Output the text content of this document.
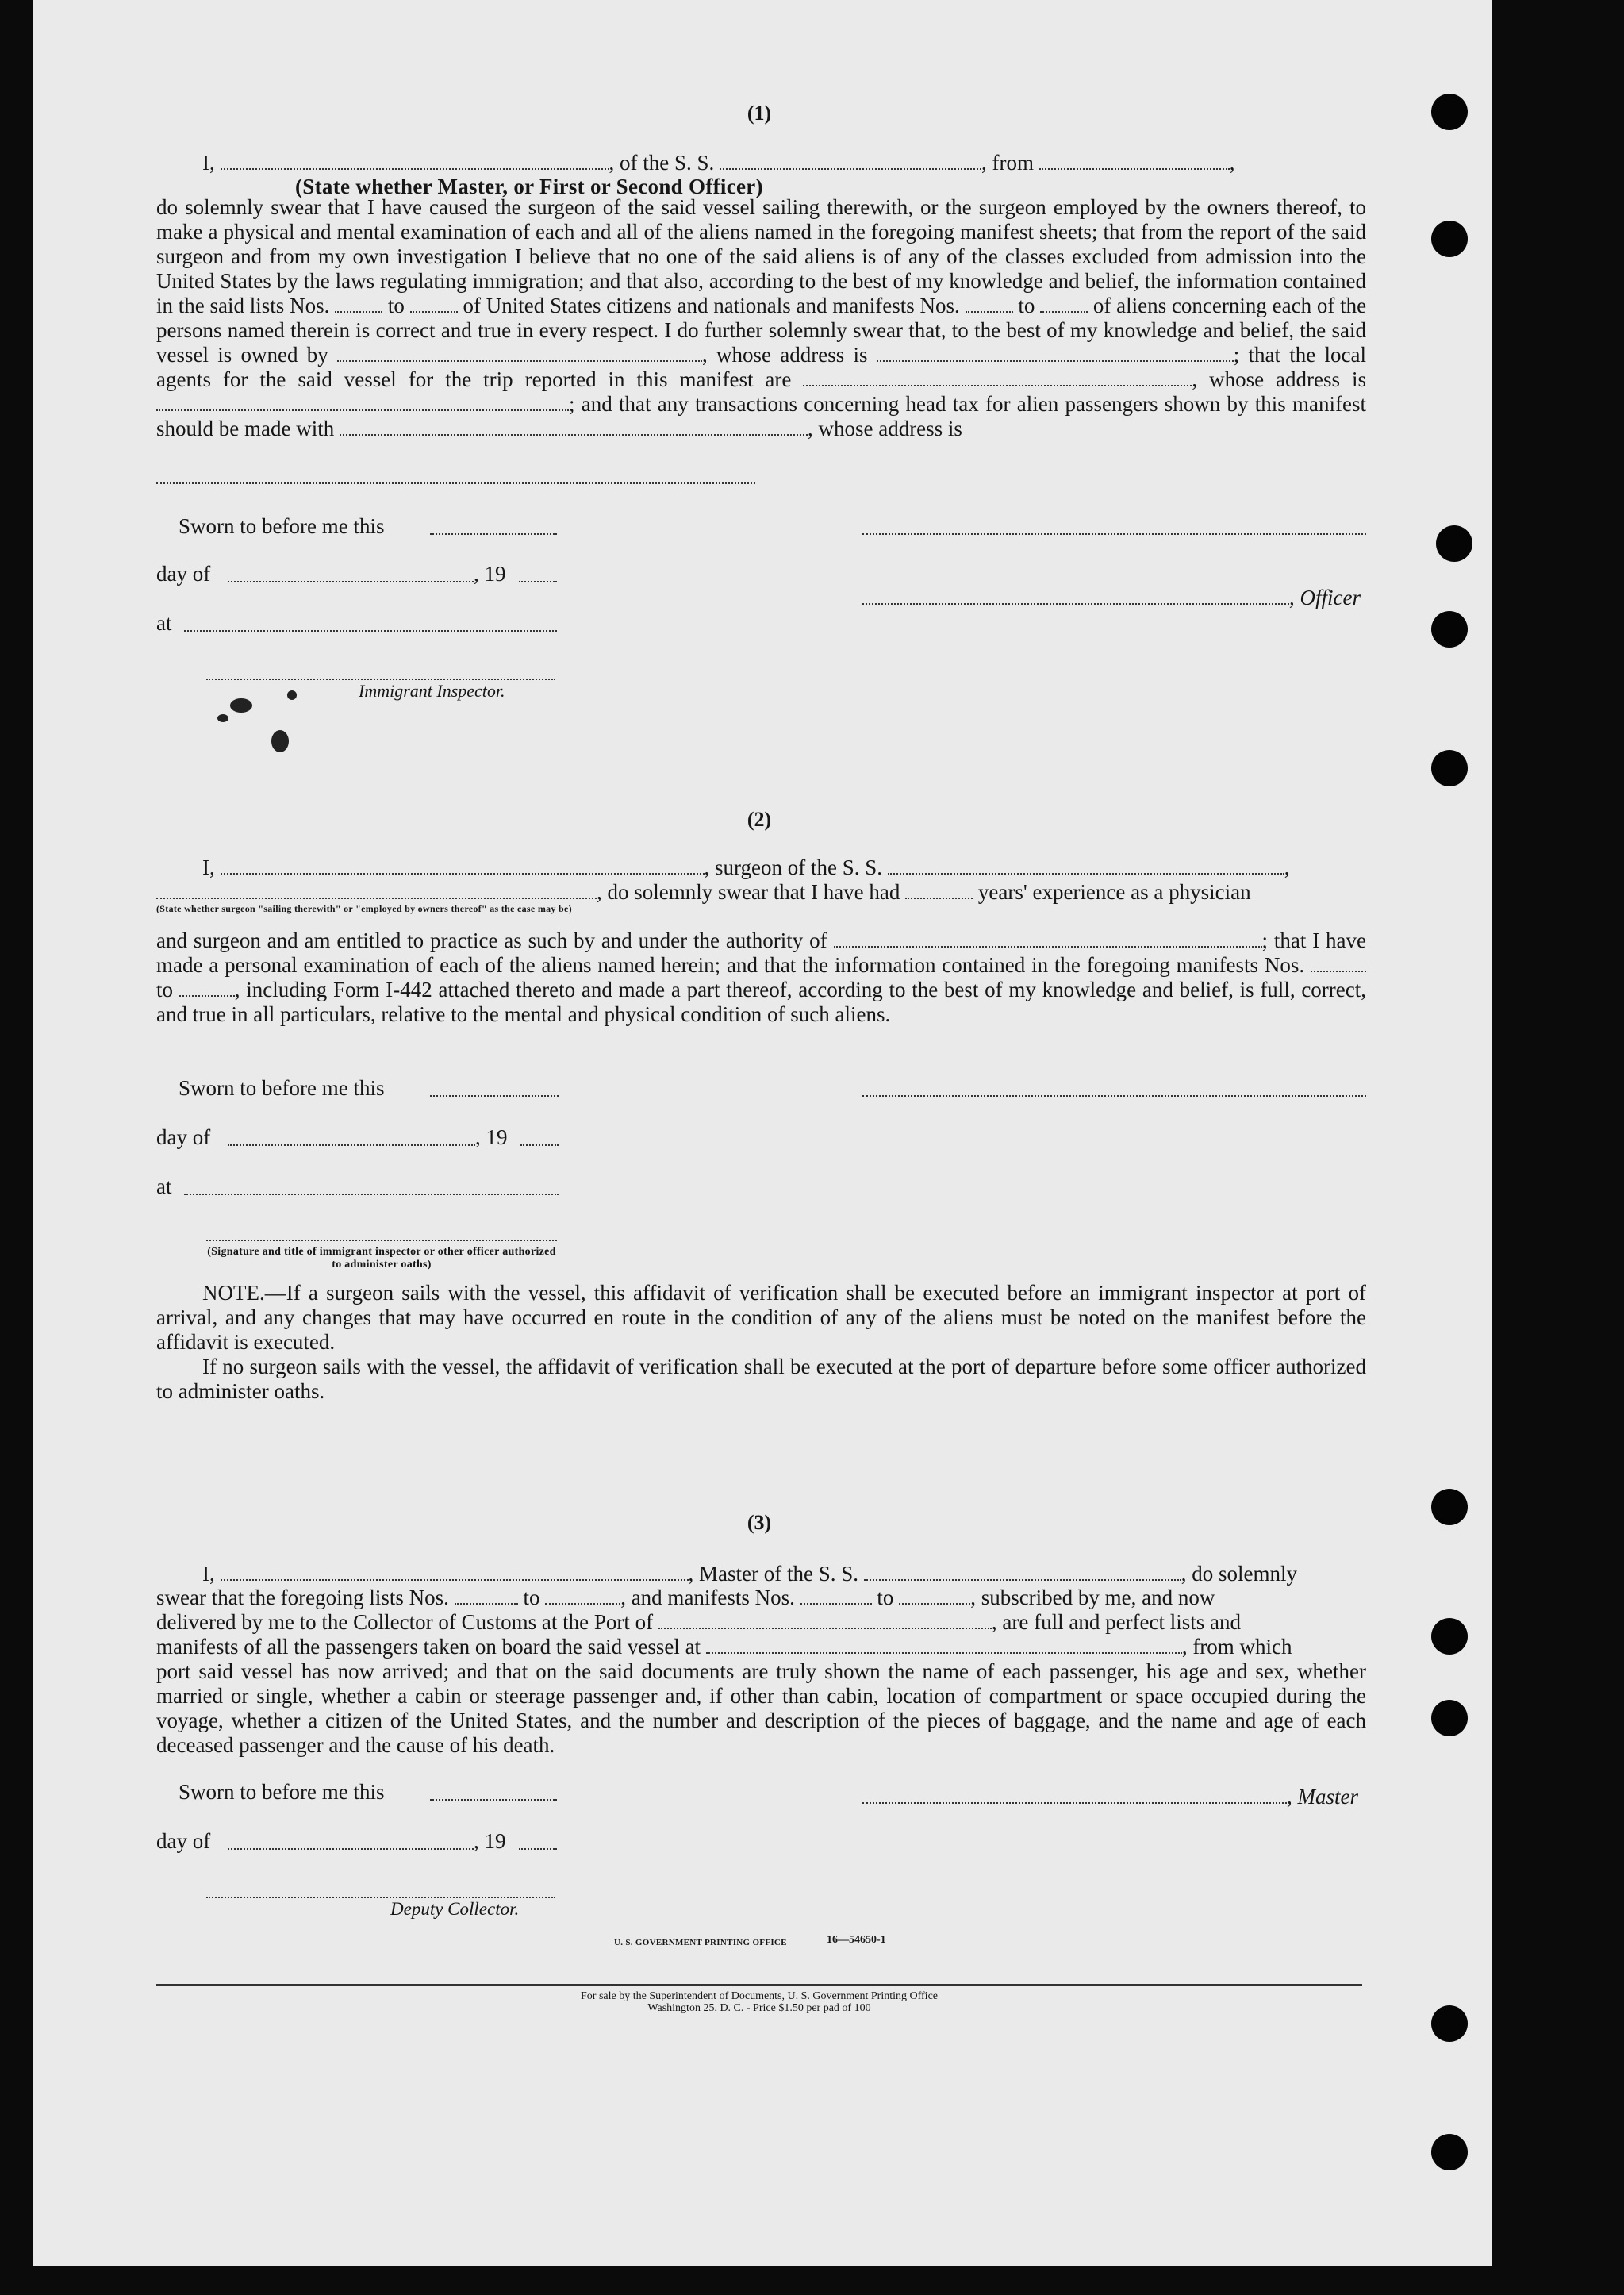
(1)
I,	, of the S. S.	, from	,
(State whether Master, or First or Second Officer)
do solemnly swear that I have caused the surgeon of the said vessel sailing therewith, or the surgeon employed by the owners thereof, to make a physical and mental examination of each and all of the aliens named in the foregoing manifest sheets; that from the report of the said surgeon and from my own investigation I believe that no one of the said aliens is of any of the classes excluded from admission into the United States by the laws regulating immigration; and that also, according to the best of my knowledge and belief, the information contained in the said lists Nos.	to	of United States citizens and nationals and manifests Nos.	to	of aliens concerning each of the persons named therein is correct and true in every respect. I do further solemnly swear that, to the best of my knowledge and belief, the said vessel is owned by	, whose address is	; that the local agents for the said vessel for the trip reported in this manifest are	, whose address is ; and that any transactions concerning head tax for alien passengers shown by this manifest should be made with	, whose address is
Sworn to before me this
day of	, 19
, Officer
at
Immigrant Inspector.
(2)
I,	, surgeon of the S. S.	,
, do solemnly swear that I have had	years' experience as a physician
(State whether surgeon "sailing therewith" or "employed by owners thereof" as the case may be)
and surgeon and am entitled to practice as such by and under the authority of	; that I have made a personal examination of each of the aliens named herein; and that the information contained in the foregoing manifests Nos.  to	, including Form I-442 attached thereto and made a part thereof, according to the best of my knowledge and belief, is full, correct, and true in all particulars, relative to the mental and physical condition of such aliens.
Sworn to before me this
day of	, 19
at
(Signature and title of immigrant inspector or other officer authorized to administer oaths)
NOTE.—If a surgeon sails with the vessel, this affidavit of verification shall be executed before an immigrant inspector at port of arrival, and any changes that may have occurred en route in the condition of any of the aliens must be noted on the manifest before the affidavit is executed.
If no surgeon sails with the vessel, the affidavit of verification shall be executed at the port of departure before some officer authorized to administer oaths.
(3)
I,	, Master of the S. S.	, do solemnly
swear that the foregoing lists Nos.	to	, and manifests Nos.	to	, subscribed by me, and now
delivered by me to the Collector of Customs at the Port of	, are full and perfect lists and
manifests of all the passengers taken on board the said vessel at	, from which
port said vessel has now arrived; and that on the said documents are truly shown the name of each passenger, his age and sex, whether married or single, whether a cabin or steerage passenger and, if other than cabin, location of compartment or space occupied during the voyage, whether a citizen of the United States, and the number and description of the pieces of baggage, and the name and age of each deceased passenger and the cause of his death.
Sworn to before me this	, Master
day of	, 19
Deputy Collector.
U. S. GOVERNMENT PRINTING OFFICE	16—54650-1
For sale by the Superintendent of Documents, U. S. Government Printing Office
Washington 25, D. C. - Price $1.50 per pad of 100
